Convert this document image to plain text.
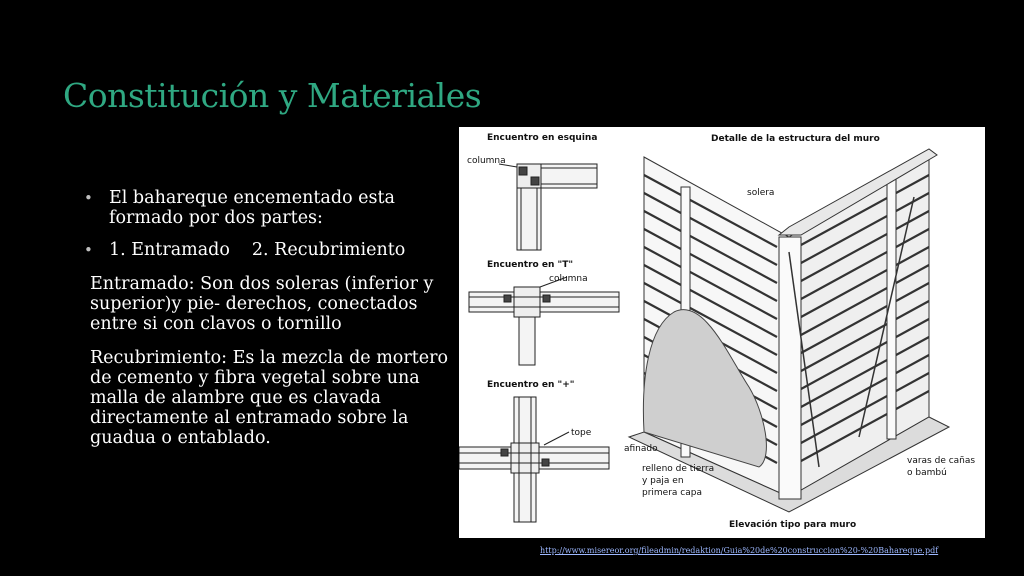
Constitución y Materiales
• El bahareque encementado esta formado por dos partes:
• 1. Entramado 2. Recubrimiento
Entramado: Son dos soleras (inferior y superior)y pie- derechos, conectados entre si con clavos o tornillo
Recubrimiento: Es la mezcla de mortero de cemento y fibra vegetal sobre una malla de alambre que es clavada directamente al entramado sobre la guadua o entablado.
Encuentro en esquina
columna
Encuentro en "T"
columna
Encuentro en "+"
tope
Detalle de la estructura del muro
solera
afinado
relleno de tierra
y paja en
primera capa
varas de cañas
o bambú
Elevación tipo para muro
http://www.misereor.org/fileadmin/redaktion/Guia%20de%20construccion%20-%20Bahareque.pdf
